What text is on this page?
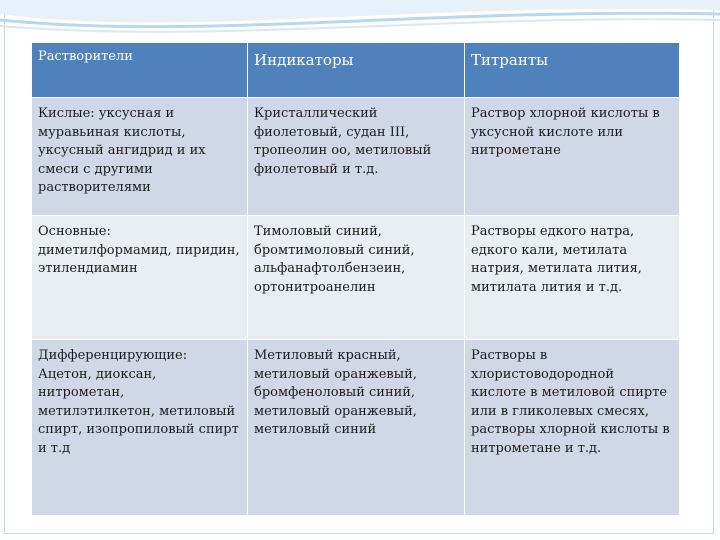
Растворители	Индикаторы	Титранты
Кислые: уксусная и муравьиная кислоты, уксусный ангидрид и их смеси с другими растворителями	Кристаллический фиолетовый, судан III, тропеолин оо, метиловый фиолетовый и т.д.	Раствор хлорной кислоты в уксусной кислоте или нитрометане
Основные: диметилформамид, пиридин, этилендиамин	Тимоловый синий, бромтимоловый синий, альфанафтолбензеин, ортонитроанелин	Растворы едкого натра, едкого кали, метилата натрия, метилата лития, митилата лития и т.д.
Дифференцирующие: Ацетон, диоксан, нитрометан, метилэтилкетон, метиловый спирт, изопропиловый спирт и т.д	Метиловый красный, метиловый оранжевый, бромфеноловый синий, метиловый оранжевый, метиловый синий	Растворы в хлористоводородной кислоте в метиловой спирте или в гликолевых смесях, растворы хлорной кислоты в нитрометане и т.д.
